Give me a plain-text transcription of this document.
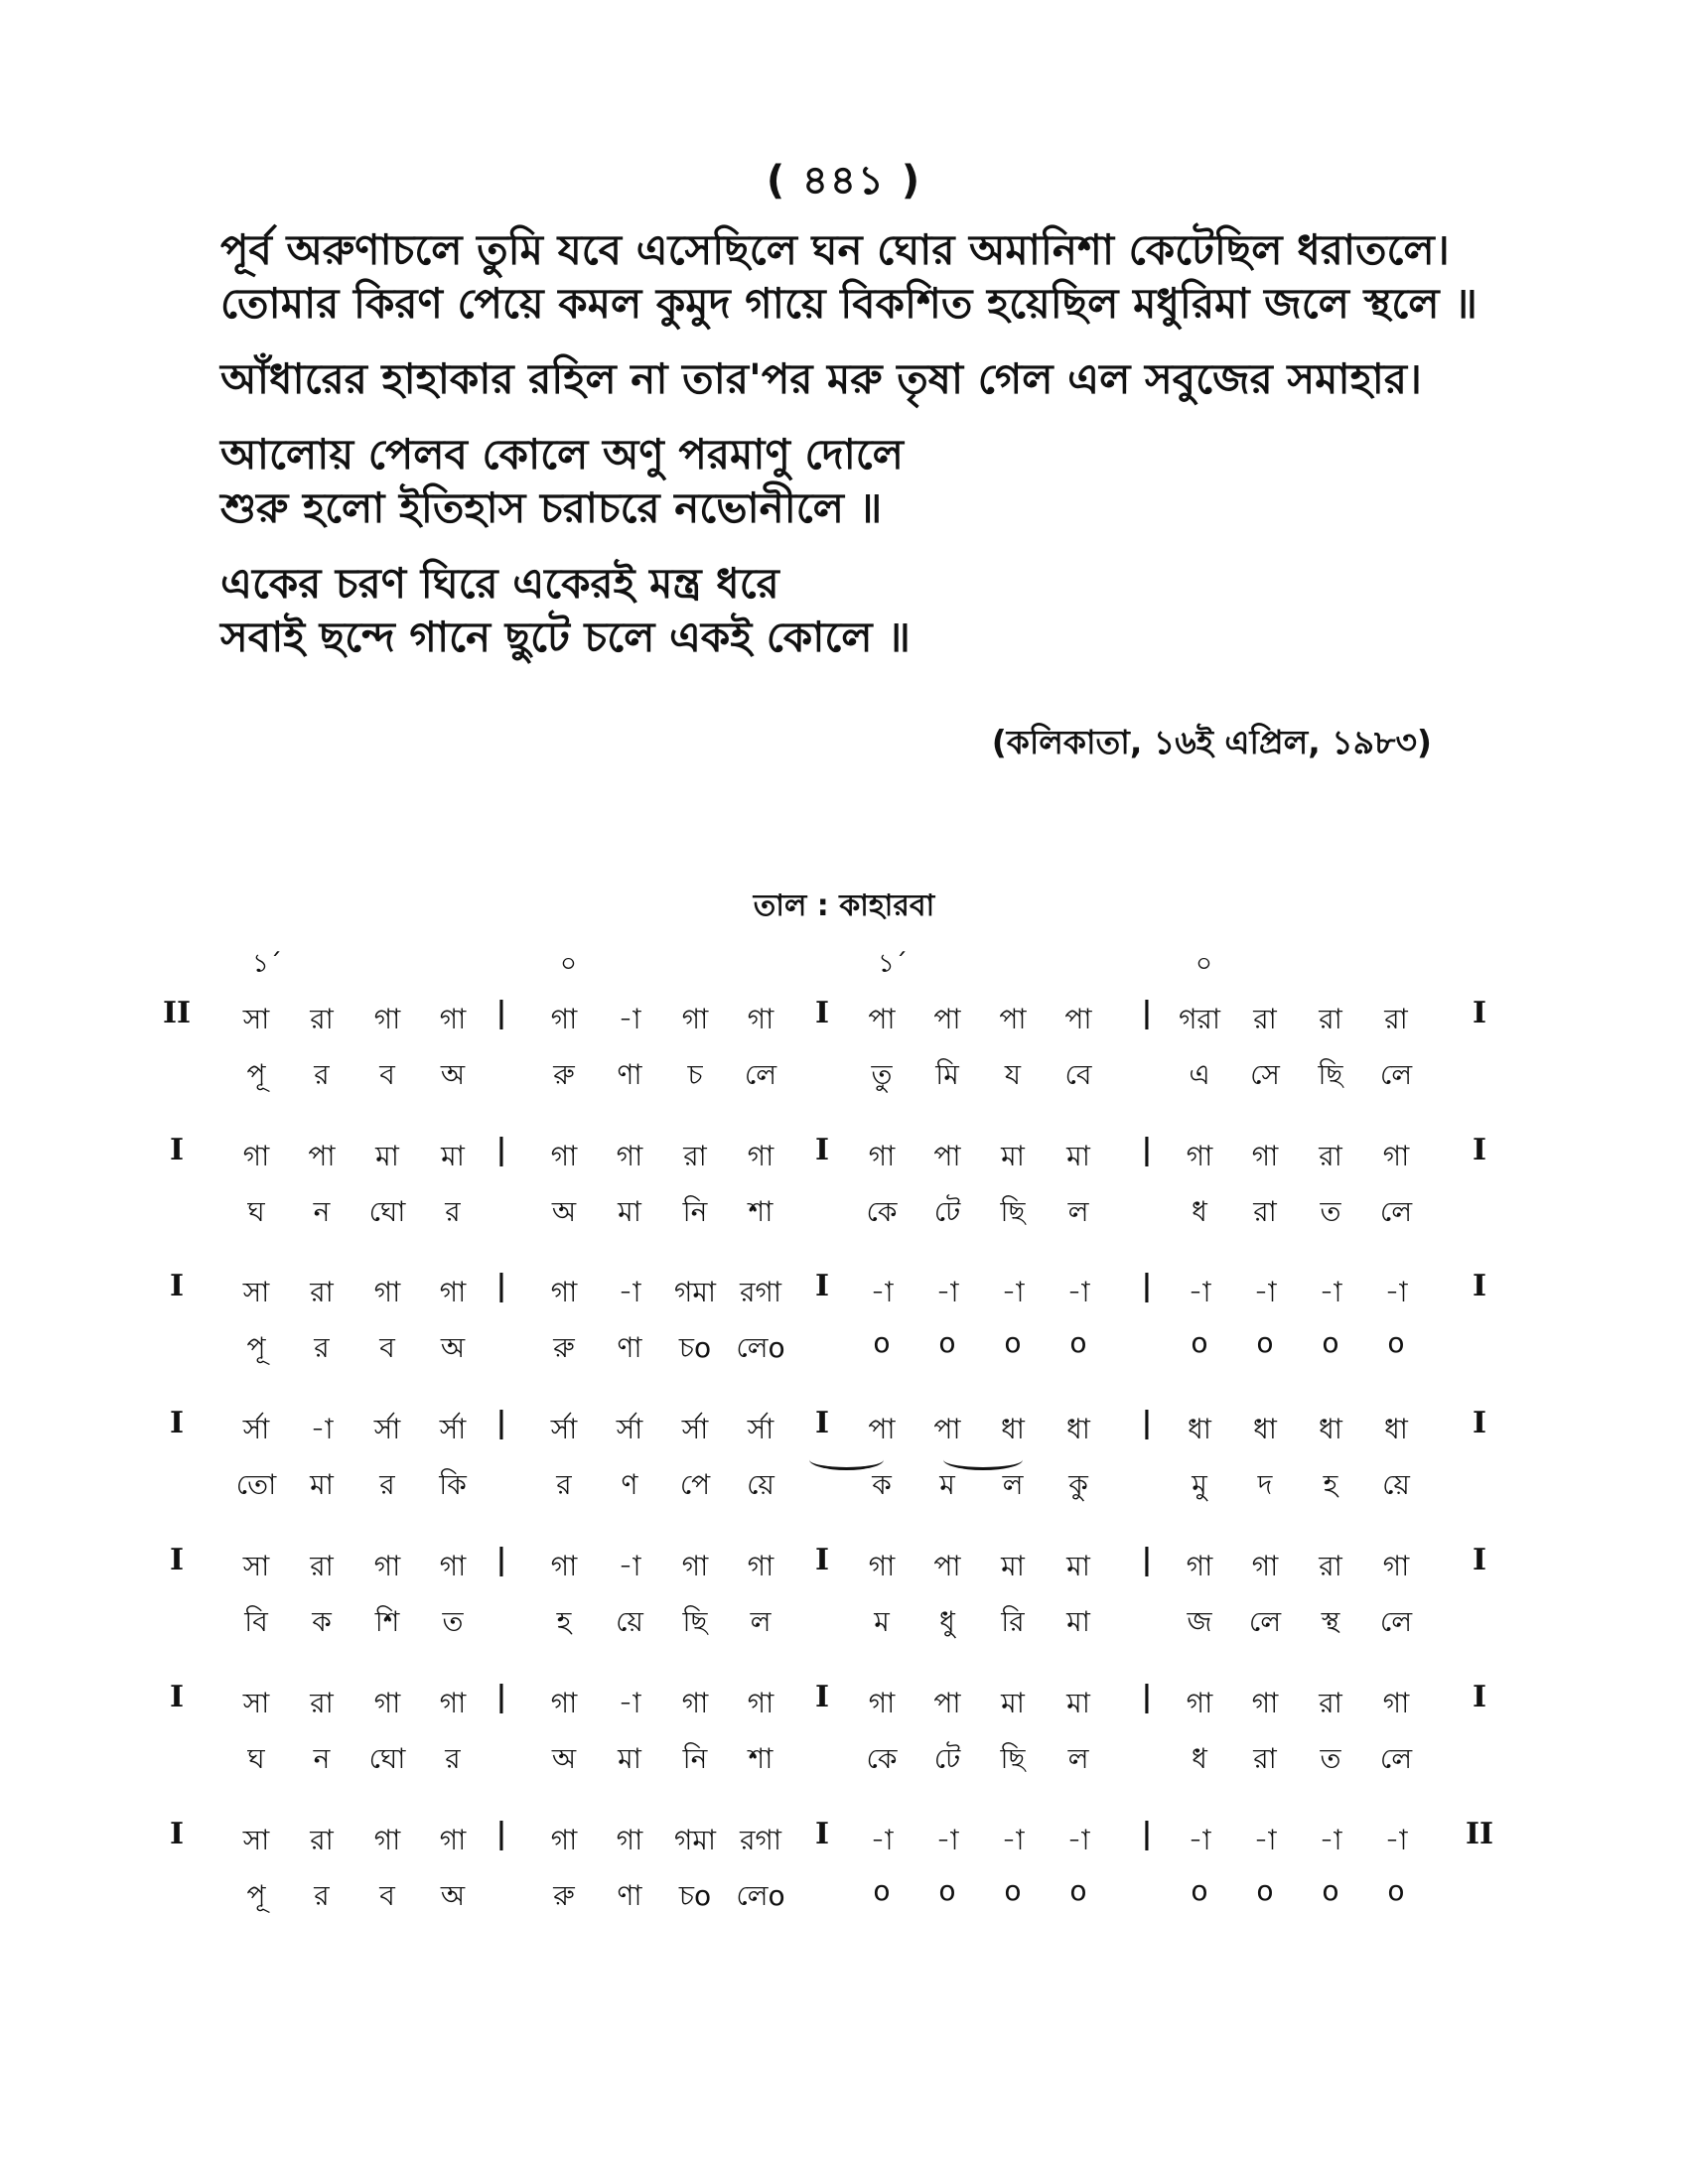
( ৪৪১ )
পূর্ব অরুণাচলে তুমি যবে এসেছিলে ঘন ঘোর অমানিশা কেটেছিল ধরাতলে।
তোমার কিরণ পেয়ে কমল কুমুদ গায়ে বিকশিত হয়েছিল মধুরিমা জলে স্থলে ॥
আঁধারের হাহাকার রহিল না তার'পর মরু তৃষা গেল এল সবুজের সমাহার।
আলোয় পেলব কোলে অণু পরমাণু দোলে
শুরু হলো ইতিহাস চরাচরে নভোনীলে ॥
একের চরণ ঘিরে একেরই মন্ত্র ধরে
সবাই ছন্দে গানে ছুটে চলে একই কোলে ॥
(কলিকাতা, ১৬ই এপ্রিল, ১৯৮৩)
তাল : কাহারবা
১´	০	১´	০
II	|	I	|	I
সা	রা	গা	গা	গা	-া	গা	গা	পা	পা	পা	পা	গরা	রা	রা	রা
পূ	র	ব	অ	রু	ণা	চ	লে	তু	মি	য	বে	এ	সে	ছি	লে
I	|	I	|	I
গা	পা	মা	মা	গা	গা	রা	গা	গা	পা	মা	মা	গা	গা	রা	গা
ঘ	ন	ঘো	র	অ	মা	নি	শা	কে	টে	ছি	ল	ধ	রা	ত	লে
I	|	I	|	I
সা	রা	গা	গা	গা	-া	গমা রগা	-া	-া	-া	-া	-া	-া	-া	-া
পূ	র	ব	অ	রু	ণা	চo লেo	o	o	o	o	o	o	o	o
I	|	I	|	I
র্সা	-া	র্সা	র্সা	র্সা	র্সা	র্সা	র্সা	পা	পা	ধা	ধা	ধা	ধা	ধা	ধা
তো	মা	র	কি	র	ণ	পে	য়ে	ক	ম	ল	কু	মু	দ	হ	য়ে
I	|	I	|	I
সা	রা	গা	গা	গা	-া	গা	গা	গা	পা	মা	মা	গা	গা	রা	গা
বি	ক	শি	ত	হ	য়ে	ছি	ল	ম	ধু	রি	মা	জ	লে	স্থ	লে
I	|	I	|	I
সা	রা	গা	গা	গা	-া	গা	গা	গা	পা	মা	মা	গা	গা	রা	গা
ঘ	ন	ঘো	র	অ	মা	নি	শা	কে	টে	ছি	ল	ধ	রা	ত	লে
I	|	I	|	II
সা	রা	গা	গা	গা	গা	গমা রগা	-া	-া	-া	-া	-া	-া	-া	-া
পূ	র	ব	অ	রু	ণা	চo লেo	o	o	o	o	o	o	o	o
